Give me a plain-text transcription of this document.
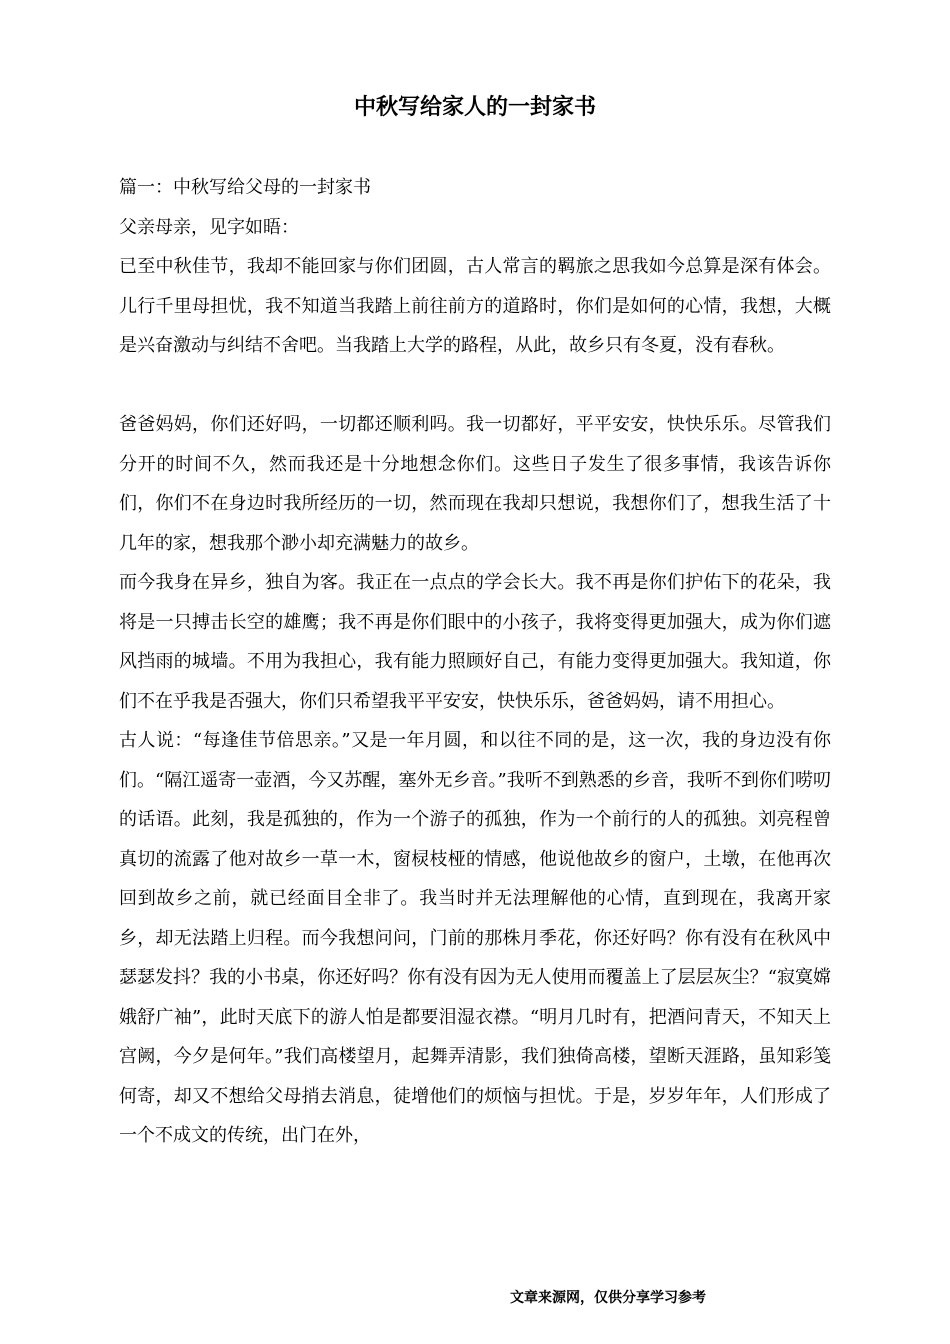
中秋写给家人的一封家书

篇一：中秋写给父母的一封家书

父亲母亲，见字如晤：

已至中秋佳节，我却不能回家与你们团圆，古人常言的羁旅之思我如今总算是深有体会。儿行千里母担忧，我不知道当我踏上前往前方的道路时，你们是如何的心情，我想，大概是兴奋激动与纠结不舍吧。当我踏上大学的路程，从此，故乡只有冬夏，没有春秋。

爸爸妈妈，你们还好吗，一切都还顺利吗。我一切都好，平平安安，快快乐乐。尽管我们分开的时间不久，然而我还是十分地想念你们。这些日子发生了很多事情，我该告诉你们，你们不在身边时我所经历的一切，然而现在我却只想说，我想你们了，想我生活了十几年的家，想我那个渺小却充满魅力的故乡。

而今我身在异乡，独自为客。我正在一点点的学会长大。我不再是你们护佑下的花朵，我将是一只搏击长空的雄鹰；我不再是你们眼中的小孩子，我将变得更加强大，成为你们遮风挡雨的城墙。不用为我担心，我有能力照顾好自己，有能力变得更加强大。我知道，你们不在乎我是否强大，你们只希望我平平安安，快快乐乐，爸爸妈妈，请不用担心。

古人说：“每逢佳节倍思亲。”又是一年月圆，和以往不同的是，这一次，我的身边没有你们。“隔江遥寄一壶酒，今又苏醒，塞外无乡音。”我听不到熟悉的乡音，我听不到你们唠叨的话语。此刻，我是孤独的，作为一个游子的孤独，作为一个前行的人的孤独。刘亮程曾真切的流露了他对故乡一草一木，窗棂枝桠的情感，他说他故乡的窗户，土墩，在他再次回到故乡之前，就已经面目全非了。我当时并无法理解他的心情，直到现在，我离开家乡，却无法踏上归程。而今我想问问，门前的那株月季花，你还好吗？你有没有在秋风中瑟瑟发抖？我的小书桌，你还好吗？你有没有因为无人使用而覆盖上了层层灰尘？“寂寞嫦娥舒广袖”，此时天底下的游人怕是都要泪湿衣襟。“明月几时有，把酒问青天，不知天上宫阙，今夕是何年。”我们高楼望月，起舞弄清影，我们独倚高楼，望断天涯路，虽知彩笺何寄，却又不想给父母捎去消息，徒增他们的烦恼与担忧。于是，岁岁年年，人们形成了一个不成文的传统，出门在外，

文章来源网，仅供分享学习参考
